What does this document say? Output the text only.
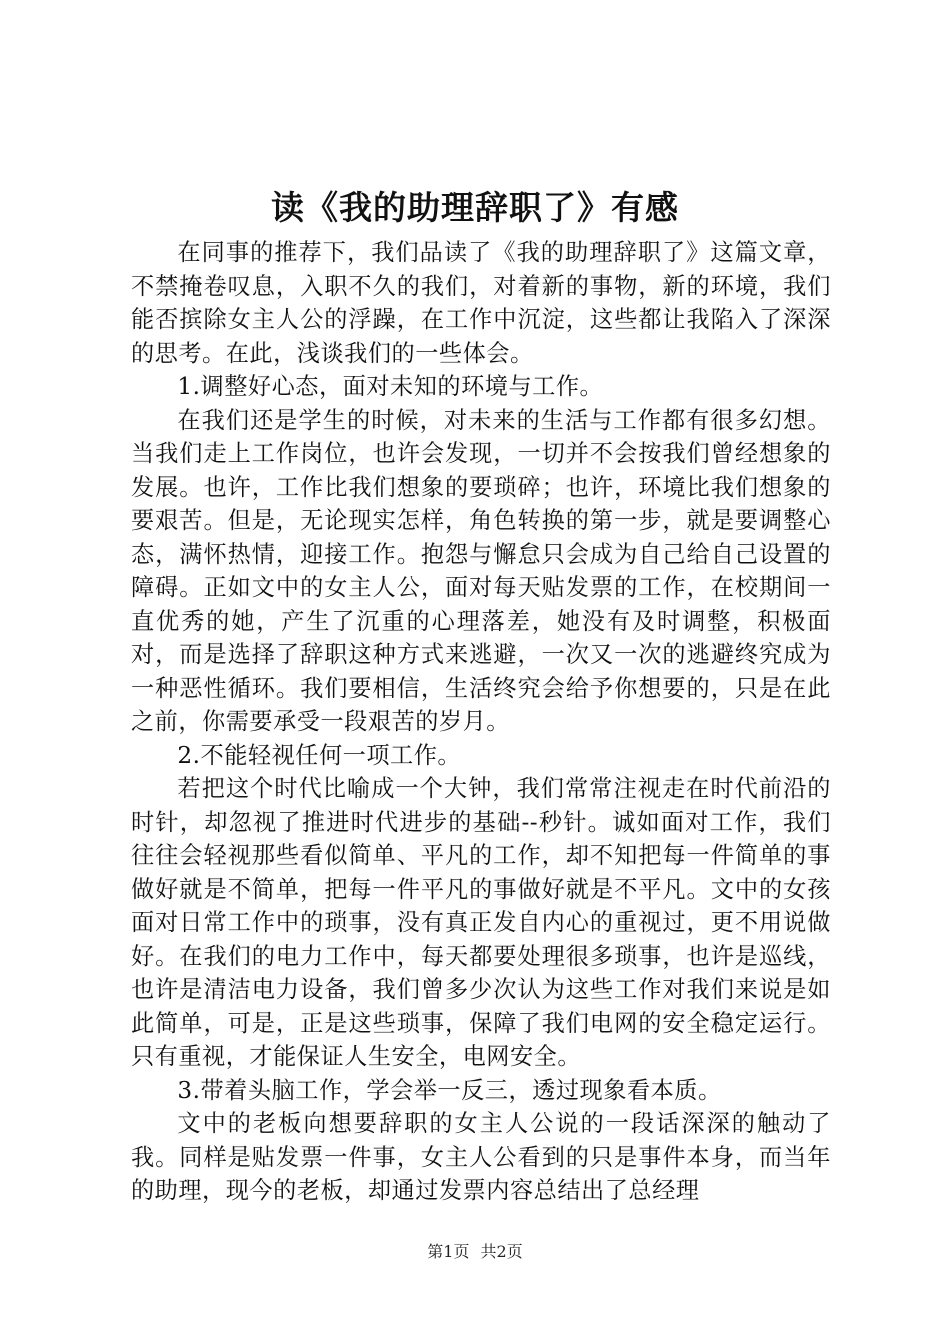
读《我的助理辞职了》有感

在同事的推荐下，我们品读了《我的助理辞职了》这篇文章，不禁掩卷叹息，入职不久的我们，对着新的事物，新的环境，我们能否摈除女主人公的浮躁，在工作中沉淀，这些都让我陷入了深深的思考。在此，浅谈我们的一些体会。

1.调整好心态，面对未知的环境与工作。

在我们还是学生的时候，对未来的生活与工作都有很多幻想。当我们走上工作岗位，也许会发现，一切并不会按我们曾经想象的发展。也许，工作比我们想象的要琐碎；也许，环境比我们想象的要艰苦。但是，无论现实怎样，角色转换的第一步，就是要调整心态，满怀热情，迎接工作。抱怨与懈怠只会成为自己给自己设置的障碍。正如文中的女主人公，面对每天贴发票的工作，在校期间一直优秀的她，产生了沉重的心理落差，她没有及时调整，积极面对，而是选择了辞职这种方式来逃避，一次又一次的逃避终究成为一种恶性循环。我们要相信，生活终究会给予你想要的，只是在此之前，你需要承受一段艰苦的岁月。

2.不能轻视任何一项工作。

若把这个时代比喻成一个大钟，我们常常注视走在时代前沿的时针，却忽视了推进时代进步的基础--秒针。诚如面对工作，我们往往会轻视那些看似简单、平凡的工作，却不知把每一件简单的事做好就是不简单，把每一件平凡的事做好就是不平凡。文中的女孩面对日常工作中的琐事，没有真正发自内心的重视过，更不用说做好。在我们的电力工作中，每天都要处理很多琐事，也许是巡线，也许是清洁电力设备，我们曾多少次认为这些工作对我们来说是如此简单，可是，正是这些琐事，保障了我们电网的安全稳定运行。只有重视，才能保证人生安全，电网安全。

3.带着头脑工作，学会举一反三，透过现象看本质。

文中的老板向想要辞职的女主人公说的一段话深深的触动了我。同样是贴发票一件事，女主人公看到的只是事件本身，而当年的助理，现今的老板，却通过发票内容总结出了总经理

第1页 共2页
